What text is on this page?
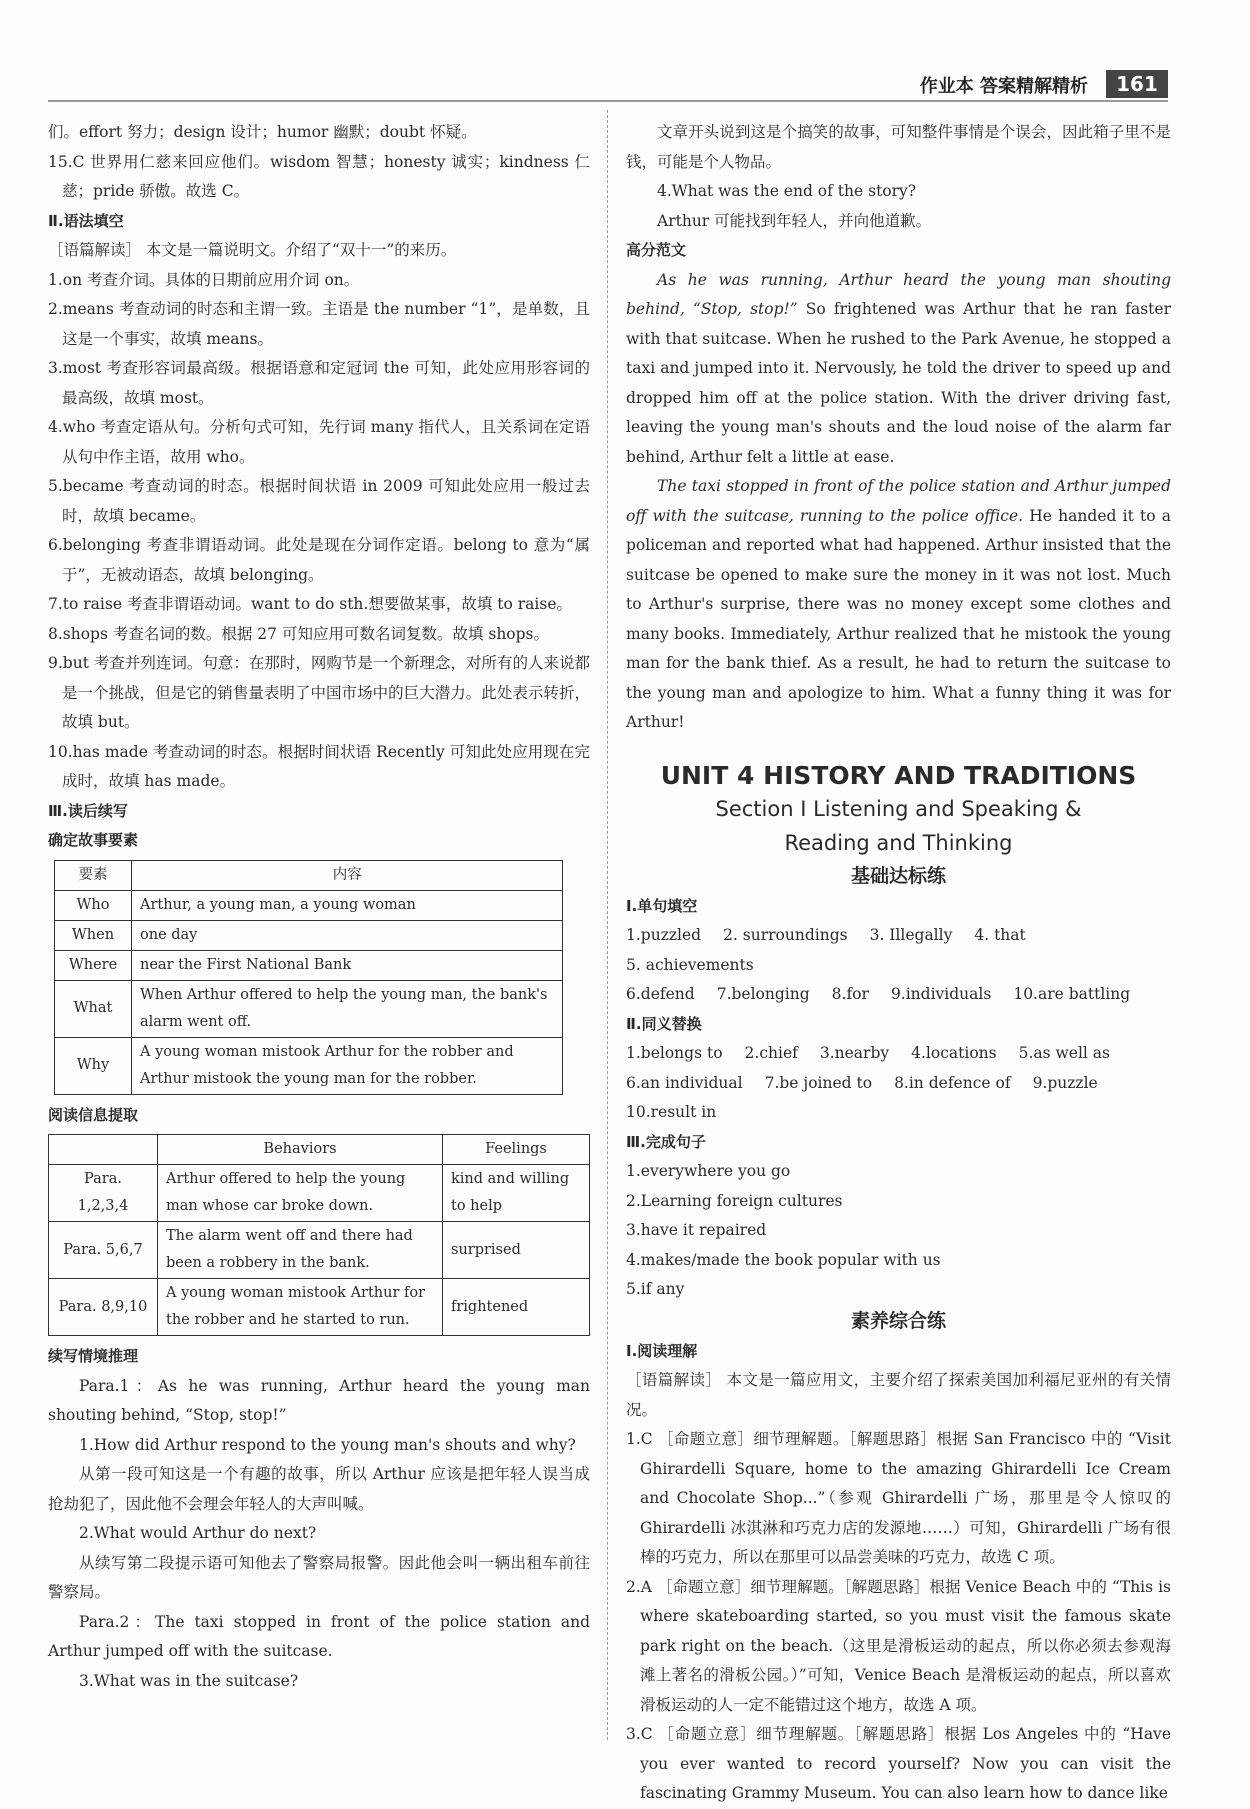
作业本 答案精解精析	161

们。effort 努力；design 设计；humor 幽默；doubt 怀疑。

15.C 世界用仁慈来回应他们。wisdom 智慧；honesty 诚实；kindness 仁慈；pride 骄傲。故选 C。

Ⅱ.语法填空

［语篇解读］ 本文是一篇说明文。介绍了“双十一”的来历。

1.on 考查介词。具体的日期前应用介词 on。

2.means 考查动词的时态和主谓一致。主语是 the number “1”，是单数，且这是一个事实，故填 means。

3.most 考查形容词最高级。根据语意和定冠词 the 可知，此处应用形容词的最高级，故填 most。

4.who 考查定语从句。分析句式可知，先行词 many 指代人，且关系词在定语从句中作主语，故用 who。

5.became 考查动词的时态。根据时间状语 in 2009 可知此处应用一般过去时，故填 became。

6.belonging 考查非谓语动词。此处是现在分词作定语。belong to 意为“属于”，无被动语态，故填 belonging。

7.to raise 考查非谓语动词。want to do sth.想要做某事，故填 to raise。

8.shops 考查名词的数。根据 27 可知应用可数名词复数。故填 shops。

9.but 考查并列连词。句意：在那时，网购节是一个新理念，对所有的人来说都是一个挑战，但是它的销售量表明了中国市场中的巨大潜力。此处表示转折，故填 but。

10.has made 考查动词的时态。根据时间状语 Recently 可知此处应用现在完成时，故填 has made。

Ⅲ.读后续写

确定故事要素

要素	内容
Who	Arthur, a young man, a young woman
When	one day
Where	near the First National Bank
What	When Arthur offered to help the young man, the bank's alarm went off.
Why	A young woman mistook Arthur for the robber and Arthur mistook the young man for the robber.

阅读信息提取

	Behaviors	Feelings
Para. 1,2,3,4	Arthur offered to help the young man whose car broke down.	kind and willing to help
Para. 5,6,7	The alarm went off and there had been a robbery in the bank.	surprised
Para. 8,9,10	A young woman mistook Arthur for the robber and he started to run.	frightened

续写情境推理

Para.1：As he was running, Arthur heard the young man shouting behind, “Stop, stop!”

1.How did Arthur respond to the young man's shouts and why?

从第一段可知这是一个有趣的故事，所以 Arthur 应该是把年轻人误当成抢劫犯了，因此他不会理会年轻人的大声叫喊。

2.What would Arthur do next?

从续写第二段提示语可知他去了警察局报警。因此他会叫一辆出租车前往警察局。

Para.2：The taxi stopped in front of the police station and Arthur jumped off with the suitcase.

3.What was in the suitcase?

文章开头说到这是个搞笑的故事，可知整件事情是个误会，因此箱子里不是钱，可能是个人物品。

4.What was the end of the story?

Arthur 可能找到年轻人，并向他道歉。

高分范文

As he was running, Arthur heard the young man shouting behind, “Stop, stop!” So frightened was Arthur that he ran faster with that suitcase. When he rushed to the Park Avenue, he stopped a taxi and jumped into it. Nervously, he told the driver to speed up and dropped him off at the police station. With the driver driving fast, leaving the young man's shouts and the loud noise of the alarm far behind, Arthur felt a little at ease.

The taxi stopped in front of the police station and Arthur jumped off with the suitcase, running to the police office. He handed it to a policeman and reported what had happened. Arthur insisted that the suitcase be opened to make sure the money in it was not lost. Much to Arthur's surprise, there was no money except some clothes and many books. Immediately, Arthur realized that he mistook the young man for the bank thief. As a result, he had to return the suitcase to the young man and apologize to him. What a funny thing it was for Arthur!

UNIT 4 HISTORY AND TRADITIONS
Section Ⅰ Listening and Speaking &
Reading and Thinking
基础达标练

Ⅰ.单句填空

1.puzzled 2. surroundings 3. Illegally 4. that
5. achievements
6.defend 7.belonging 8.for 9.individuals 10.are battling

Ⅱ.同义替换

1.belongs to 2.chief 3.nearby 4.locations 5.as well as
6.an individual 7.be joined to 8.in defence of 9.puzzle
10.result in

Ⅲ.完成句子

1.everywhere you go

2.Learning foreign cultures

3.have it repaired

4.makes/made the book popular with us

5.if any

素养综合练

Ⅰ.阅读理解

［语篇解读］ 本文是一篇应用文，主要介绍了探索美国加利福尼亚州的有关情况。

1.C ［命题立意］细节理解题。［解题思路］根据 San Francisco 中的 “Visit Ghirardelli Square, home to the amazing Ghirardelli Ice Cream and Chocolate Shop...”（参观 Ghirardelli 广场，那里是令人惊叹的 Ghirardelli 冰淇淋和巧克力店的发源地……）可知，Ghirardelli 广场有很棒的巧克力，所以在那里可以品尝美味的巧克力，故选 C 项。

2.A ［命题立意］细节理解题。［解题思路］根据 Venice Beach 中的 “This is where skateboarding started, so you must visit the famous skate park right on the beach.（这里是滑板运动的起点，所以你必须去参观海滩上著名的滑板公园。）”可知，Venice Beach 是滑板运动的起点，所以喜欢滑板运动的人一定不能错过这个地方，故选 A 项。

3.C ［命题立意］细节理解题。［解题思路］根据 Los Angeles 中的 “Have you ever wanted to record yourself? Now you can visit the fascinating Grammy Museum. You can also learn how to dance like
